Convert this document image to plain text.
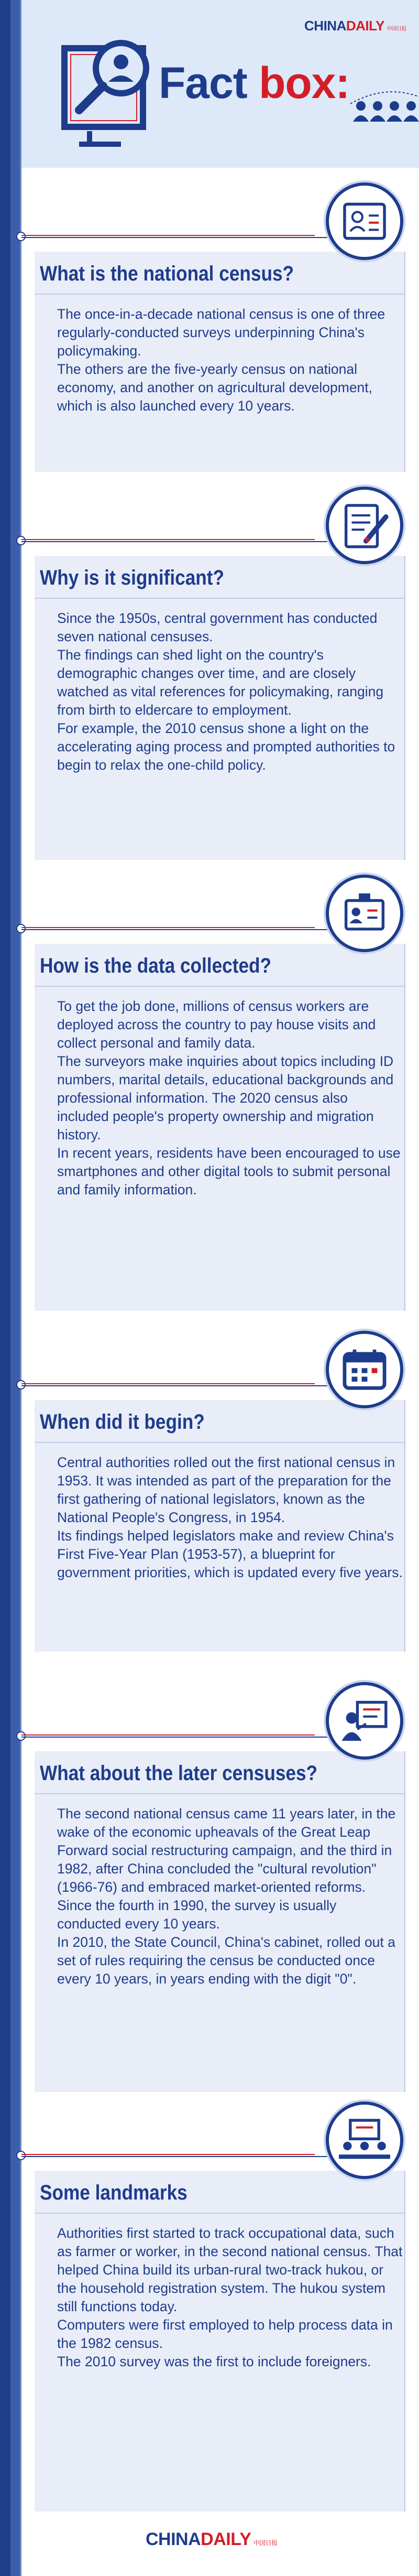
CHINADAILY 中国日报
Fact box:
What is the national census?
The once-in-a-decade national census is one of three regularly-conducted surveys underpinning China's policymaking.
The others are the five-yearly census on national economy, and another on agricultural development, which is also launched every 10 years.
Why is it significant?
Since the 1950s, central government has conducted seven national censuses.
The findings can shed light on the country's demographic changes over time, and are closely watched as vital references for policymaking, ranging from birth to eldercare to employment.
For example, the 2010 census shone a light on the accelerating aging process and prompted authorities to begin to relax the one-child policy.
How is the data collected?
To get the job done, millions of census workers are deployed across the country to pay house visits and collect personal and family data.
The surveyors make inquiries about topics including ID numbers, marital details, educational backgrounds and professional information. The 2020 census also included people's property ownership and migration history.
In recent years, residents have been encouraged to use smartphones and other digital tools to submit personal and family information.
When did it begin?
Central authorities rolled out the first national census in 1953. It was intended as part of the preparation for the first gathering of national legislators, known as the National People's Congress, in 1954.
Its findings helped legislators make and review China's First Five-Year Plan (1953-57), a blueprint for government priorities, which is updated every five years.
What about the later censuses?
The second national census came 11 years later, in the wake of the economic upheavals of the Great Leap Forward social restructuring campaign, and the third in 1982, after China concluded the "cultural revolution" (1966-76) and embraced market-oriented reforms.
Since the fourth in 1990, the survey is usually conducted every 10 years.
In 2010, the State Council, China's cabinet, rolled out a set of rules requiring the census be conducted once every 10 years, in years ending with the digit "0".
Some landmarks
Authorities first started to track occupational data, such as farmer or worker, in the second national census. That helped China build its urban-rural two-track hukou, or the household registration system. The hukou system still functions today.
Computers were first employed to help process data in the 1982 census.
The 2010 survey was the first to include foreigners.
CHINADAILY 中国日报
